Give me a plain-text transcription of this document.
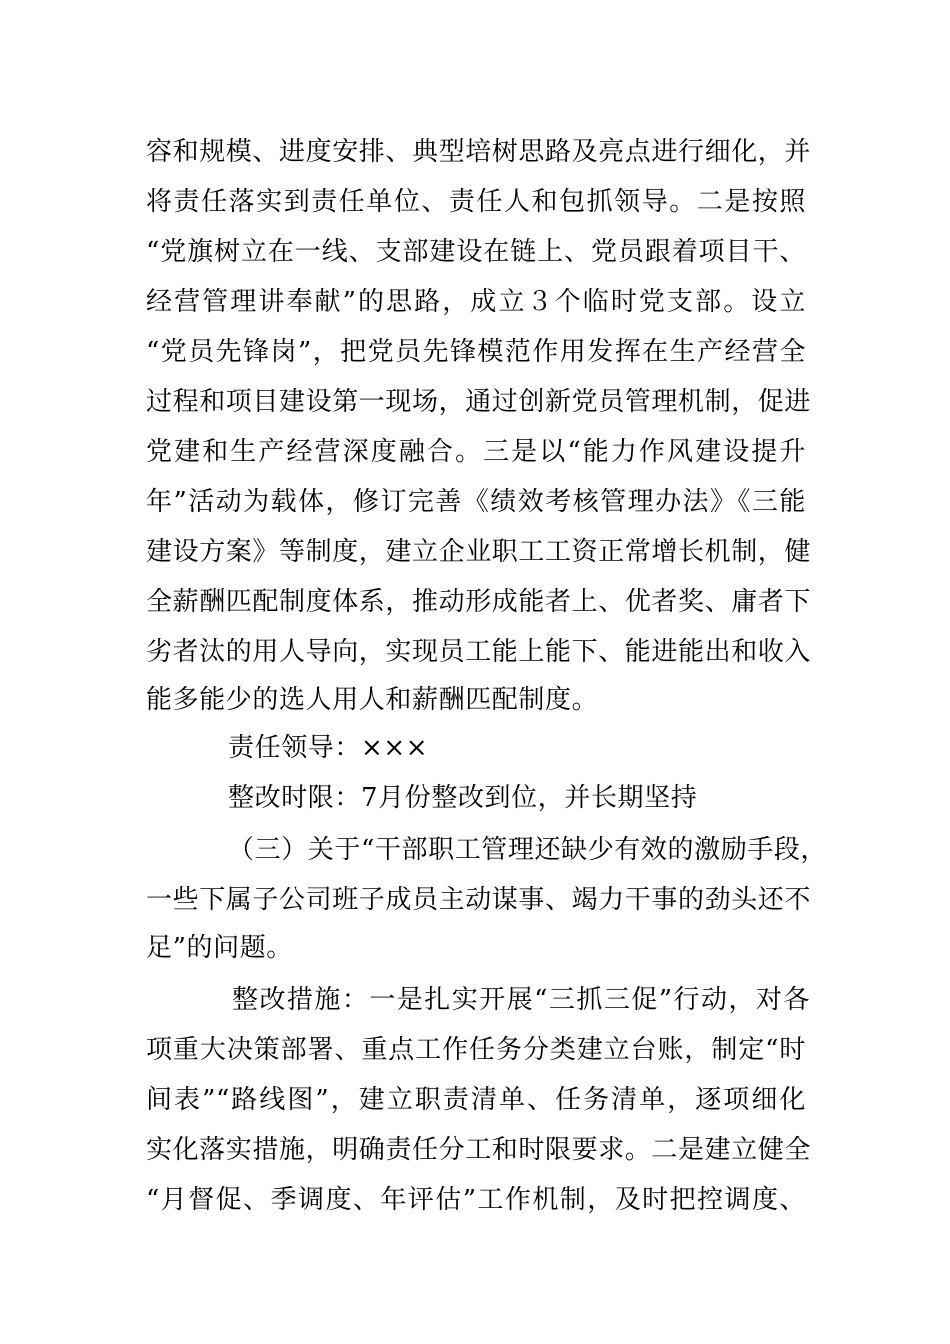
容和规模、进度安排、典型培树思路及亮点进行细化，并
将责任落实到责任单位、责任人和包抓领导。二是按照
“党旗树立在一线、支部建设在链上、党员跟着项目干、
经营管理讲奉献”的思路，成立３个临时党支部。设立
“党员先锋岗”，把党员先锋模范作用发挥在生产经营全
过程和项目建设第一现场，通过创新党员管理机制，促进
党建和生产经营深度融合。三是以“能力作风建设提升
年”活动为载体，修订完善《绩效考核管理办法》《三能
建设方案》等制度，建立企业职工工资正常增长机制，健
全薪酬匹配制度体系，推动形成能者上、优者奖、庸者下
劣者汰的用人导向，实现员工能上能下、能进能出和收入
能多能少的选人用人和薪酬匹配制度。
责任领导：×××
整改时限：7月份整改到位，并长期坚持
（三）关于“干部职工管理还缺少有效的激励手段，
一些下属子公司班子成员主动谋事、竭力干事的劲头还不
足”的问题。
整改措施：一是扎实开展“三抓三促”行动，对各
项重大决策部署、重点工作任务分类建立台账，制定“时
间表”“路线图”，建立职责清单、任务清单，逐项细化
实化落实措施，明确责任分工和时限要求。二是建立健全
“月督促、季调度、年评估”工作机制，及时把控调度、
